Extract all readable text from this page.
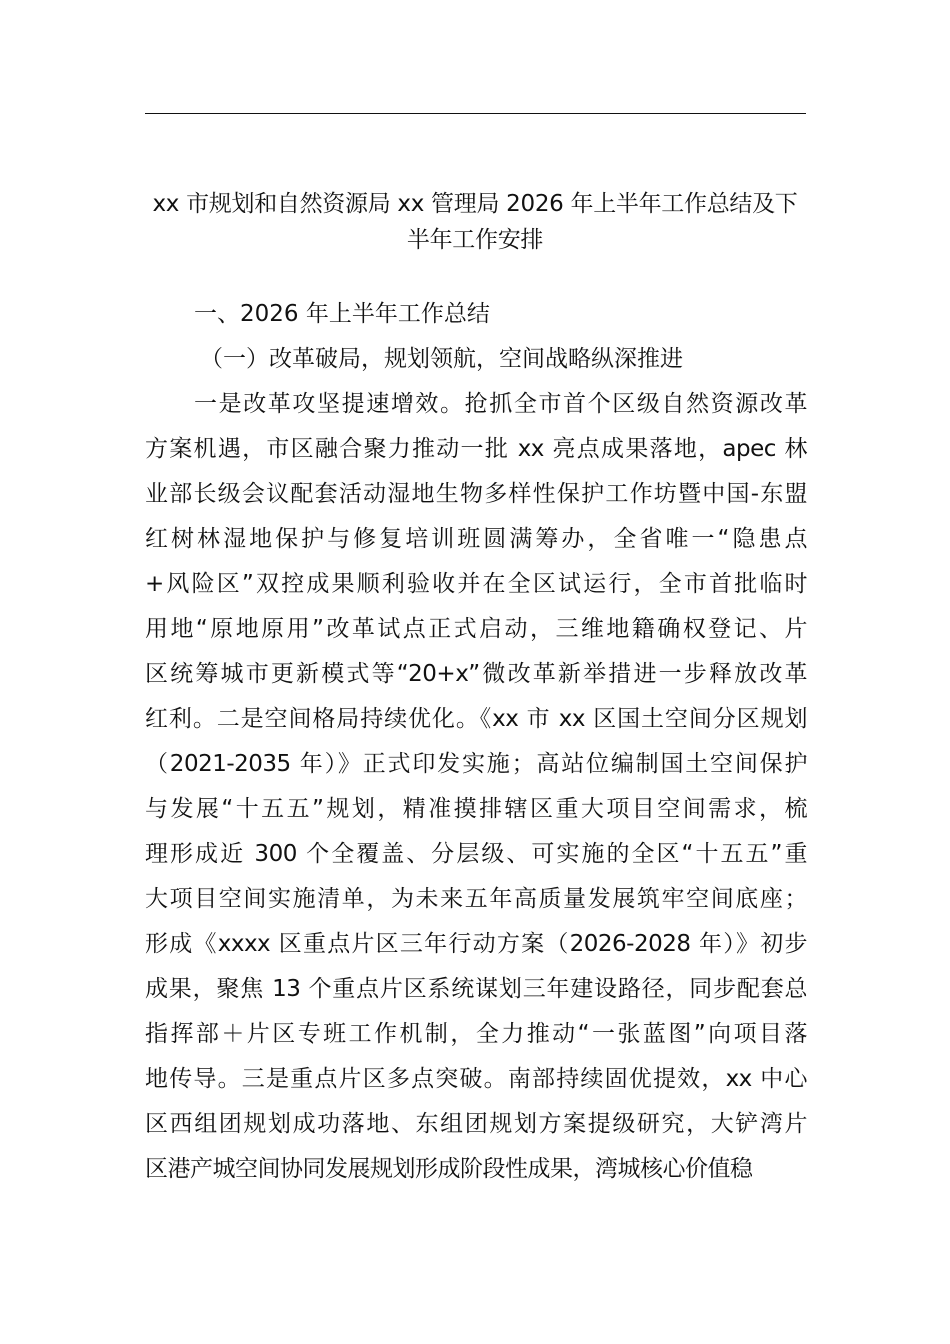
xx 市规划和自然资源局 xx 管理局 2026 年上半年工作总结及下
半年工作安排
一、2026 年上半年工作总结
（一）改革破局，规划领航，空间战略纵深推进
一是改革攻坚提速增效。抢抓全市首个区级自然资源改革
方案机遇，市区融合聚力推动一批 xx 亮点成果落地，apec 林
业部长级会议配套活动湿地生物多样性保护工作坊暨中国-东盟
红树林湿地保护与修复培训班圆满筹办，全省唯一“隐患点
+风险区”双控成果顺利验收并在全区试运行，全市首批临时
用地“原地原用”改革试点正式启动，三维地籍确权登记、片
区统筹城市更新模式等“20+x”微改革新举措进一步释放改革
红利。二是空间格局持续优化。《xx 市 xx 区国土空间分区规划
（2021-2035 年）》正式印发实施；高站位编制国土空间保护
与发展“十五五”规划，精准摸排辖区重大项目空间需求，梳
理形成近 300 个全覆盖、分层级、可实施的全区“十五五”重
大项目空间实施清单，为未来五年高质量发展筑牢空间底座；
形成《xxxx 区重点片区三年行动方案（2026-2028 年）》初步
成果，聚焦 13 个重点片区系统谋划三年建设路径，同步配套总
指挥部＋片区专班工作机制，全力推动“一张蓝图”向项目落
地传导。三是重点片区多点突破。南部持续固优提效，xx 中心
区西组团规划成功落地、东组团规划方案提级研究，大铲湾片
区港产城空间协同发展规划形成阶段性成果，湾城核心价值稳
